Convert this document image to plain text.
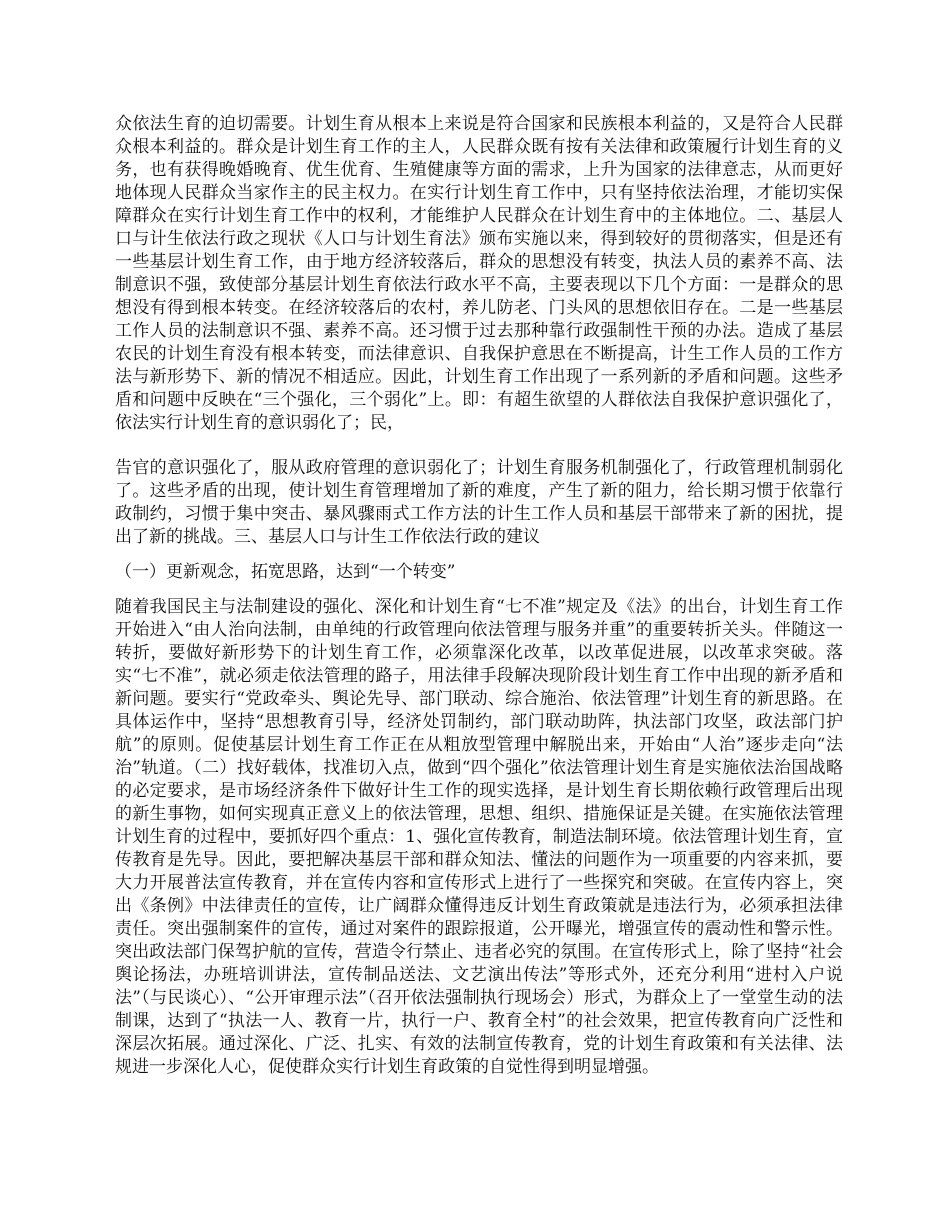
众依法生育的迫切需要。计划生育从根本上来说是符合国家和民族根本利益的，又是符合人民群众根本利益的。群众是计划生育工作的主人，人民群众既有按有关法律和政策履行计划生育的义务，也有获得晚婚晚育、优生优育、生殖健康等方面的需求，上升为国家的法律意志，从而更好地体现人民群众当家作主的民主权力。在实行计划生育工作中，只有坚持依法治理，才能切实保障群众在实行计划生育工作中的权利，才能维护人民群众在计划生育中的主体地位。二、基层人口与计生依法行政之现状《人口与计划生育法》颁布实施以来，得到较好的贯彻落实，但是还有一些基层计划生育工作，由于地方经济较落后，群众的思想没有转变，执法人员的素养不高、法制意识不强，致使部分基层计划生育依法行政水平不高，主要表现以下几个方面：一是群众的思想没有得到根本转变。在经济较落后的农村，养儿防老、门头风的思想依旧存在。二是一些基层工作人员的法制意识不强、素养不高。还习惯于过去那种靠行政强制性干预的办法。造成了基层农民的计划生育没有根本转变，而法律意识、自我保护意思在不断提高，计生工作人员的工作方法与新形势下、新的情况不相适应。因此，计划生育工作出现了一系列新的矛盾和问题。这些矛盾和问题中反映在“三个强化，三个弱化”上。即：有超生欲望的人群依法自我保护意识强化了，依法实行计划生育的意识弱化了；民，

告官的意识强化了，服从政府管理的意识弱化了；计划生育服务机制强化了，行政管理机制弱化了。这些矛盾的出现，使计划生育管理增加了新的难度，产生了新的阻力，给长期习惯于依靠行政制约，习惯于集中突击、暴风骤雨式工作方法的计生工作人员和基层干部带来了新的困扰，提出了新的挑战。三、基层人口与计生工作依法行政的建议

（一）更新观念，拓宽思路，达到“一个转变”

随着我国民主与法制建设的强化、深化和计划生育“七不准”规定及《法》的出台，计划生育工作开始进入“由人治向法制，由单纯的行政管理向依法管理与服务并重”的重要转折关头。伴随这一转折，要做好新形势下的计划生育工作，必须靠深化改革，以改革促进展，以改革求突破。落实“七不准”，就必须走依法管理的路子，用法律手段解决现阶段计划生育工作中出现的新矛盾和新问题。要实行“党政牵头、舆论先导、部门联动、综合施治、依法管理”计划生育的新思路。在具体运作中，坚持“思想教育引导，经济处罚制约，部门联动助阵，执法部门攻坚，政法部门护航”的原则。促使基层计划生育工作正在从粗放型管理中解脱出来，开始由“人治”逐步走向“法治”轨道。（二）找好载体，找准切入点，做到“四个强化”依法管理计划生育是实施依法治国战略的必定要求，是市场经济条件下做好计生工作的现实选择，是计划生育长期依赖行政管理后出现的新生事物，如何实现真正意义上的依法管理，思想、组织、措施保证是关键。在实施依法管理计划生育的过程中，要抓好四个重点：1、强化宣传教育，制造法制环境。依法管理计划生育，宣传教育是先导。因此，要把解决基层干部和群众知法、懂法的问题作为一项重要的内容来抓，要大力开展普法宣传教育，并在宣传内容和宣传形式上进行了一些探究和突破。在宣传内容上，突出《条例》中法律责任的宣传，让广阔群众懂得违反计划生育政策就是违法行为，必须承担法律责任。突出强制案件的宣传，通过对案件的跟踪报道，公开曝光，增强宣传的震动性和警示性。突出政法部门保驾护航的宣传，营造令行禁止、违者必究的氛围。在宣传形式上，除了坚持“社会舆论扬法，办班培训讲法，宣传制品送法、文艺演出传法”等形式外，还充分利用“进村入户说法”（与民谈心）、“公开审理示法”（召开依法强制执行现场会）形式，为群众上了一堂堂生动的法制课，达到了“执法一人、教育一片，执行一户、教育全村”的社会效果，把宣传教育向广泛性和深层次拓展。通过深化、广泛、扎实、有效的法制宣传教育，党的计划生育政策和有关法律、法规进一步深化人心，促使群众实行计划生育政策的自觉性得到明显增强。
